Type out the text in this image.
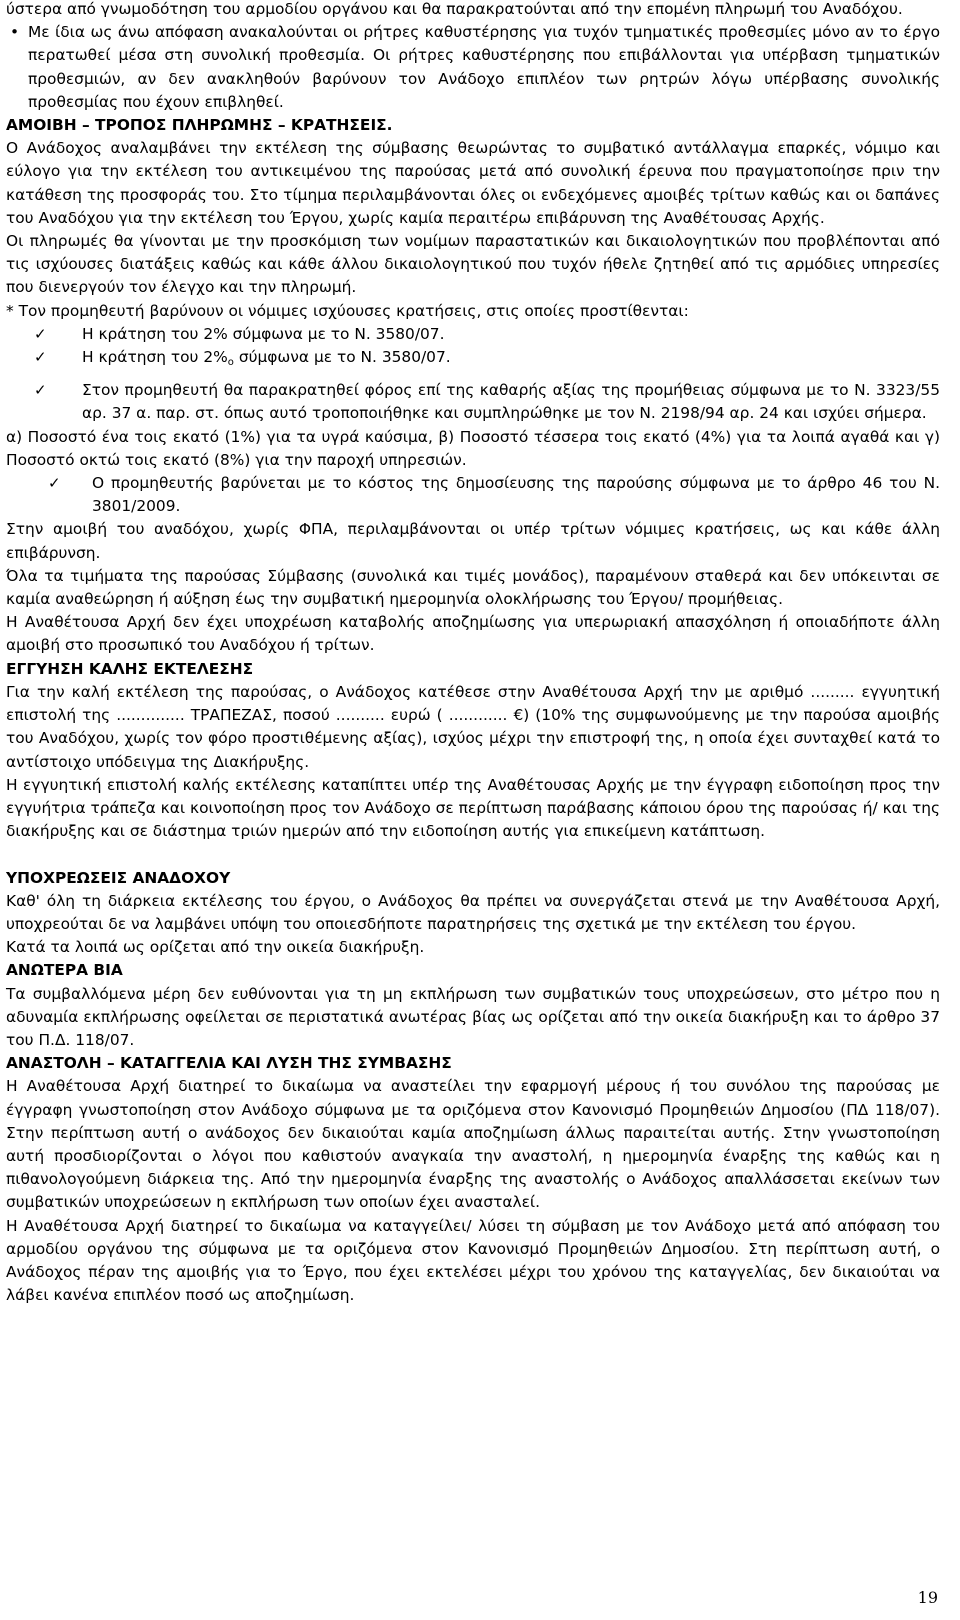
ύστερα από γνωμοδότηση του αρμοδίου οργάνου και θα παρακρατούνται από την επομένη πληρωμή του Αναδόχου.

• Με ίδια ως άνω απόφαση ανακαλούνται οι ρήτρες καθυστέρησης για τυχόν τμηματικές προθεσμίες μόνο αν το έργο περατωθεί μέσα στη συνολική προθεσμία. Οι ρήτρες καθυστέρησης που επιβάλλονται για υπέρβαση τμηματικών προθεσμιών, αν δεν ανακληθούν βαρύνουν τον Ανάδοχο επιπλέον των ρητρών λόγω υπέρβασης συνολικής προθεσμίας που έχουν επιβληθεί.

ΑΜΟΙΒΗ – ΤΡΟΠΟΣ ΠΛΗΡΩΜΗΣ – ΚΡΑΤΗΣΕΙΣ.

Ο Ανάδοχος αναλαμβάνει την εκτέλεση της σύμβασης θεωρώντας το συμβατικό αντάλλαγμα επαρκές, νόμιμο και εύλογο για την εκτέλεση του αντικειμένου της παρούσας μετά από συνολική έρευνα που πραγματοποίησε πριν την κατάθεση της προσφοράς του. Στο τίμημα περιλαμβάνονται όλες οι ενδεχόμενες αμοιβές τρίτων καθώς και οι δαπάνες του Αναδόχου για την εκτέλεση του Έργου, χωρίς καμία περαιτέρω επιβάρυνση της Αναθέτουσας Αρχής.

Οι πληρωμές θα γίνονται με την προσκόμιση των νομίμων παραστατικών και δικαιολογητικών που προβλέπονται από τις ισχύουσες διατάξεις καθώς και κάθε άλλου δικαιολογητικού που τυχόν ήθελε ζητηθεί από τις αρμόδιες υπηρεσίες που διενεργούν τον έλεγχο και την πληρωμή.

* Τον προμηθευτή βαρύνουν οι νόμιμες ισχύουσες κρατήσεις, στις οποίες προστίθενται:

✓ Η κράτηση του 2% σύμφωνα με το Ν. 3580/07.

✓ Η κράτηση του $2\%_o$ σύμφωνα με το Ν. 3580/07.

✓ Στον προμηθευτή θα παρακρατηθεί φόρος επί της καθαρής αξίας της προμήθειας σύμφωνα με το Ν. 3323/55 αρ. 37 α. παρ. στ. όπως αυτό τροποποιήθηκε και συμπληρώθηκε με τον Ν. 2198/94 αρ. 24 και ισχύει σήμερα.

α) Ποσοστό ένα τοις εκατό (1%) για τα υγρά καύσιμα, β) Ποσοστό τέσσερα τοις εκατό (4%) για τα λοιπά αγαθά και γ) Ποσοστό οκτώ τοις εκατό (8%) για την παροχή υπηρεσιών.

✓ Ο προμηθευτής βαρύνεται με το κόστος της δημοσίευσης της παρούσης σύμφωνα με το άρθρο 46 του Ν. 3801/2009.

Στην αμοιβή του αναδόχου, χωρίς ΦΠΑ, περιλαμβάνονται οι υπέρ τρίτων νόμιμες κρατήσεις, ως και κάθε άλλη επιβάρυνση.

Όλα τα τιμήματα της παρούσας Σύμβασης (συνολικά και τιμές μονάδος), παραμένουν σταθερά και δεν υπόκεινται σε καμία αναθεώρηση ή αύξηση έως την συμβατική ημερομηνία ολοκλήρωσης του Έργου/ προμήθειας.

Η Αναθέτουσα Αρχή δεν έχει υποχρέωση καταβολής αποζημίωσης για υπερωριακή απασχόληση ή οποιαδήποτε άλλη αμοιβή στο προσωπικό του Αναδόχου ή τρίτων.

ΕΓΓΥΗΣΗ ΚΑΛΗΣ ΕΚΤΕΛΕΣΗΣ

Για την καλή εκτέλεση της παρούσας, ο Ανάδοχος κατέθεσε στην Αναθέτουσα Αρχή την με αριθμό ......... εγγυητική επιστολή της .............. ΤΡΑΠΕΖΑΣ, ποσού .......... ευρώ ( ............ €) (10% της συμφωνούμενης με την παρούσα αμοιβής του Αναδόχου, χωρίς τον φόρο προστιθέμενης αξίας), ισχύος μέχρι την επιστροφή της, η οποία έχει συνταχθεί κατά το αντίστοιχο υπόδειγμα της Διακήρυξης.

Η εγγυητική επιστολή καλής εκτέλεσης καταπίπτει υπέρ της Αναθέτουσας Αρχής με την έγγραφη ειδοποίηση προς την εγγυήτρια τράπεζα και κοινοποίηση προς τον Ανάδοχο σε περίπτωση παράβασης κάποιου όρου της παρούσας ή/ και της διακήρυξης και σε διάστημα τριών ημερών από την ειδοποίηση αυτής για επικείμενη κατάπτωση.

ΥΠΟΧΡΕΩΣΕΙΣ ΑΝΑΔΟΧΟΥ

Καθ' όλη τη διάρκεια εκτέλεσης του έργου, ο Ανάδοχος θα πρέπει να συνεργάζεται στενά με την Αναθέτουσα Αρχή, υποχρεούται δε να λαμβάνει υπόψη του οποιεσδήποτε παρατηρήσεις της σχετικά με την εκτέλεση του έργου.

Κατά τα λοιπά ως ορίζεται από την οικεία διακήρυξη.

ΑΝΩΤΕΡΑ ΒΙΑ

Τα συμβαλλόμενα μέρη δεν ευθύνονται για τη μη εκπλήρωση των συμβατικών τους υποχρεώσεων, στο μέτρο που η αδυναμία εκπλήρωσης οφείλεται σε περιστατικά ανωτέρας βίας ως ορίζεται από την οικεία διακήρυξη και το άρθρο 37 του Π.Δ. 118/07.

ΑΝΑΣΤΟΛΗ – ΚΑΤΑΓΓΕΛΙΑ ΚΑΙ ΛΥΣΗ ΤΗΣ ΣΥΜΒΑΣΗΣ

Η Αναθέτουσα Αρχή διατηρεί το δικαίωμα να αναστείλει την εφαρμογή μέρους ή του συνόλου της παρούσας με έγγραφη γνωστοποίηση στον Ανάδοχο σύμφωνα με τα οριζόμενα στον Κανονισμό Προμηθειών Δημοσίου (ΠΔ 118/07). Στην περίπτωση αυτή ο ανάδοχος δεν δικαιούται καμία αποζημίωση άλλως παραιτείται αυτής. Στην γνωστοποίηση αυτή προσδιορίζονται ο λόγοι που καθιστούν αναγκαία την αναστολή, η ημερομηνία έναρξης της καθώς και η πιθανολογούμενη διάρκεια της. Από την ημερομηνία έναρξης της αναστολής ο Ανάδοχος απαλλάσσεται εκείνων των συμβατικών υποχρεώσεων η εκπλήρωση των οποίων έχει ανασταλεί.

Η Αναθέτουσα Αρχή διατηρεί το δικαίωμα να καταγγείλει/ λύσει τη σύμβαση με τον Ανάδοχο μετά από απόφαση του αρμοδίου οργάνου της σύμφωνα με τα οριζόμενα στον Κανονισμό Προμηθειών Δημοσίου. Στη περίπτωση αυτή, ο Ανάδοχος πέραν της αμοιβής για το Έργο, που έχει εκτελέσει μέχρι του χρόνου της καταγγελίας, δεν δικαιούται να λάβει κανένα επιπλέον ποσό ως αποζημίωση.

19
